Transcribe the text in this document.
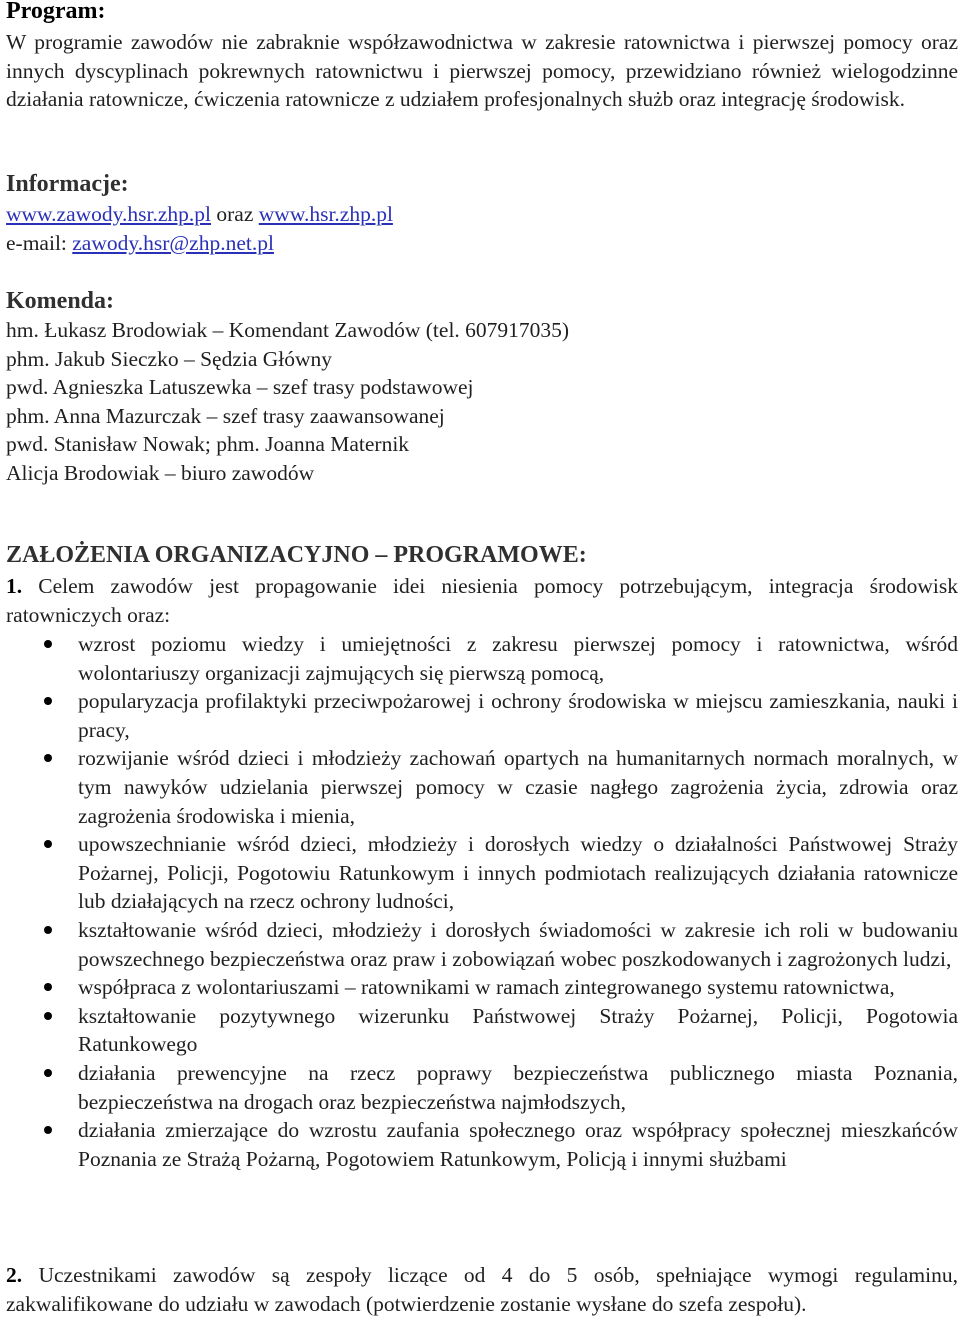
Program:
W programie zawodów nie zabraknie współzawodnictwa w zakresie ratownictwa i pierwszej pomocy oraz innych dyscyplinach pokrewnych ratownictwu i pierwszej pomocy, przewidziano również wielogodzinne działania ratownicze, ćwiczenia ratownicze z udziałem profesjonalnych służb oraz integrację środowisk.
Informacje:
www.zawody.hsr.zhp.pl oraz www.hsr.zhp.pl
e-mail: zawody.hsr@zhp.net.pl
Komenda:
hm. Łukasz Brodowiak – Komendant Zawodów (tel. 607917035)
phm. Jakub Sieczko – Sędzia Główny
pwd. Agnieszka Latuszewka – szef trasy podstawowej
phm. Anna Mazurczak – szef trasy zaawansowanej
pwd. Stanisław Nowak; phm. Joanna Maternik
Alicja Brodowiak – biuro zawodów
ZAŁOŻENIA ORGANIZACYJNO – PROGRAMOWE:
1. Celem zawodów jest propagowanie idei niesienia pomocy potrzebującym, integracja środowisk ratowniczych oraz:
wzrost poziomu wiedzy i umiejętności z zakresu pierwszej pomocy i ratownictwa, wśród wolontariuszy organizacji zajmujących się pierwszą pomocą,
popularyzacja profilaktyki przeciwpożarowej i ochrony środowiska w miejscu zamieszkania, nauki i pracy,
rozwijanie wśród dzieci i młodzieży zachowań opartych na humanitarnych normach moralnych, w tym nawyków udzielania pierwszej pomocy w czasie nagłego zagrożenia życia, zdrowia oraz zagrożenia środowiska i mienia,
upowszechnianie wśród dzieci, młodzieży i dorosłych wiedzy o działalności Państwowej Straży Pożarnej, Policji, Pogotowiu Ratunkowym i innych podmiotach realizujących działania ratownicze lub działających na rzecz ochrony ludności,
kształtowanie wśród dzieci, młodzieży i dorosłych świadomości w zakresie ich roli w budowaniu powszechnego bezpieczeństwa oraz praw i zobowiązań wobec poszkodowanych i zagrożonych ludzi,
współpraca z wolontariuszami – ratownikami w ramach zintegrowanego systemu ratownictwa,
kształtowanie pozytywnego wizerunku Państwowej Straży Pożarnej, Policji, Pogotowia Ratunkowego
działania prewencyjne na rzecz poprawy bezpieczeństwa publicznego miasta Poznania, bezpieczeństwa na drogach oraz bezpieczeństwa najmłodszych,
działania zmierzające do wzrostu zaufania społecznego oraz współpracy społecznej mieszkańców Poznania ze Strażą Pożarną, Pogotowiem Ratunkowym, Policją i innymi służbami
2. Uczestnikami zawodów są zespoły liczące od 4 do 5 osób, spełniające wymogi regulaminu, zakwalifikowane do udziału w zawodach (potwierdzenie zostanie wysłane do szefa zespołu).
